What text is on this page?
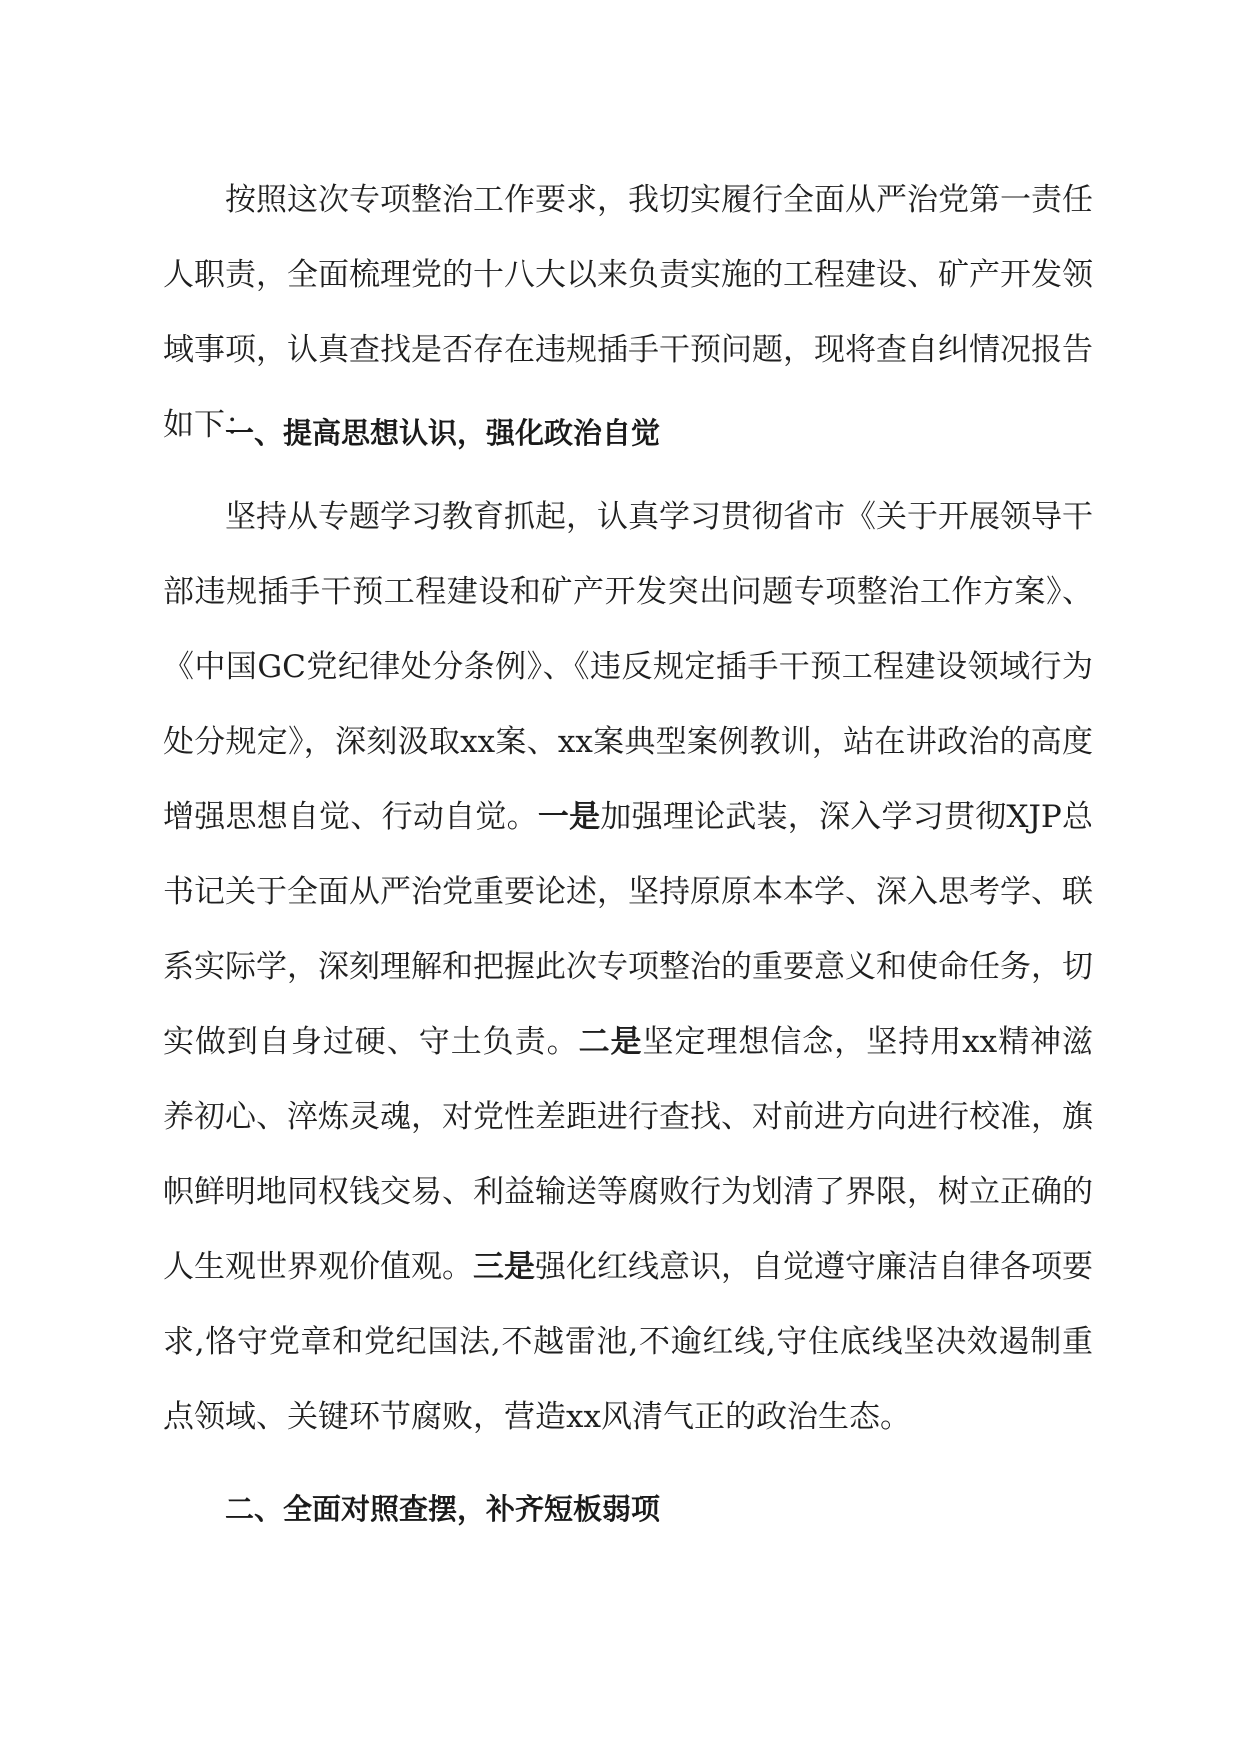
按照这次专项整治工作要求，我切实履行全面从严治党第一责任人职责，全面梳理党的十八大以来负责实施的工程建设、矿产开发领域事项，认真查找是否存在违规插手干预问题，现将查自纠情况报告如下：

一、提高思想认识，强化政治自觉

坚持从专题学习教育抓起，认真学习贯彻省市《关于开展领导干部违规插手干预工程建设和矿产开发突出问题专项整治工作方案》、《中国GC党纪律处分条例》、《违反规定插手干预工程建设领域行为处分规定》，深刻汲取xx案、xx案典型案例教训，站在讲政治的高度增强思想自觉、行动自觉。一是加强理论武装，深入学习贯彻XJP总书记关于全面从严治党重要论述，坚持原原本本学、深入思考学、联系实际学，深刻理解和把握此次专项整治的重要意义和使命任务，切实做到自身过硬、守土负责。二是坚定理想信念，坚持用xx精神滋养初心、淬炼灵魂，对党性差距进行查找、对前进方向进行校准，旗帜鲜明地同权钱交易、利益输送等腐败行为划清了界限，树立正确的人生观世界观价值观。三是强化红线意识，自觉遵守廉洁自律各项要求,恪守党章和党纪国法,不越雷池,不逾红线,守住底线坚决效遏制重点领域、关键环节腐败，营造xx风清气正的政治生态。

二、全面对照查摆，补齐短板弱项
